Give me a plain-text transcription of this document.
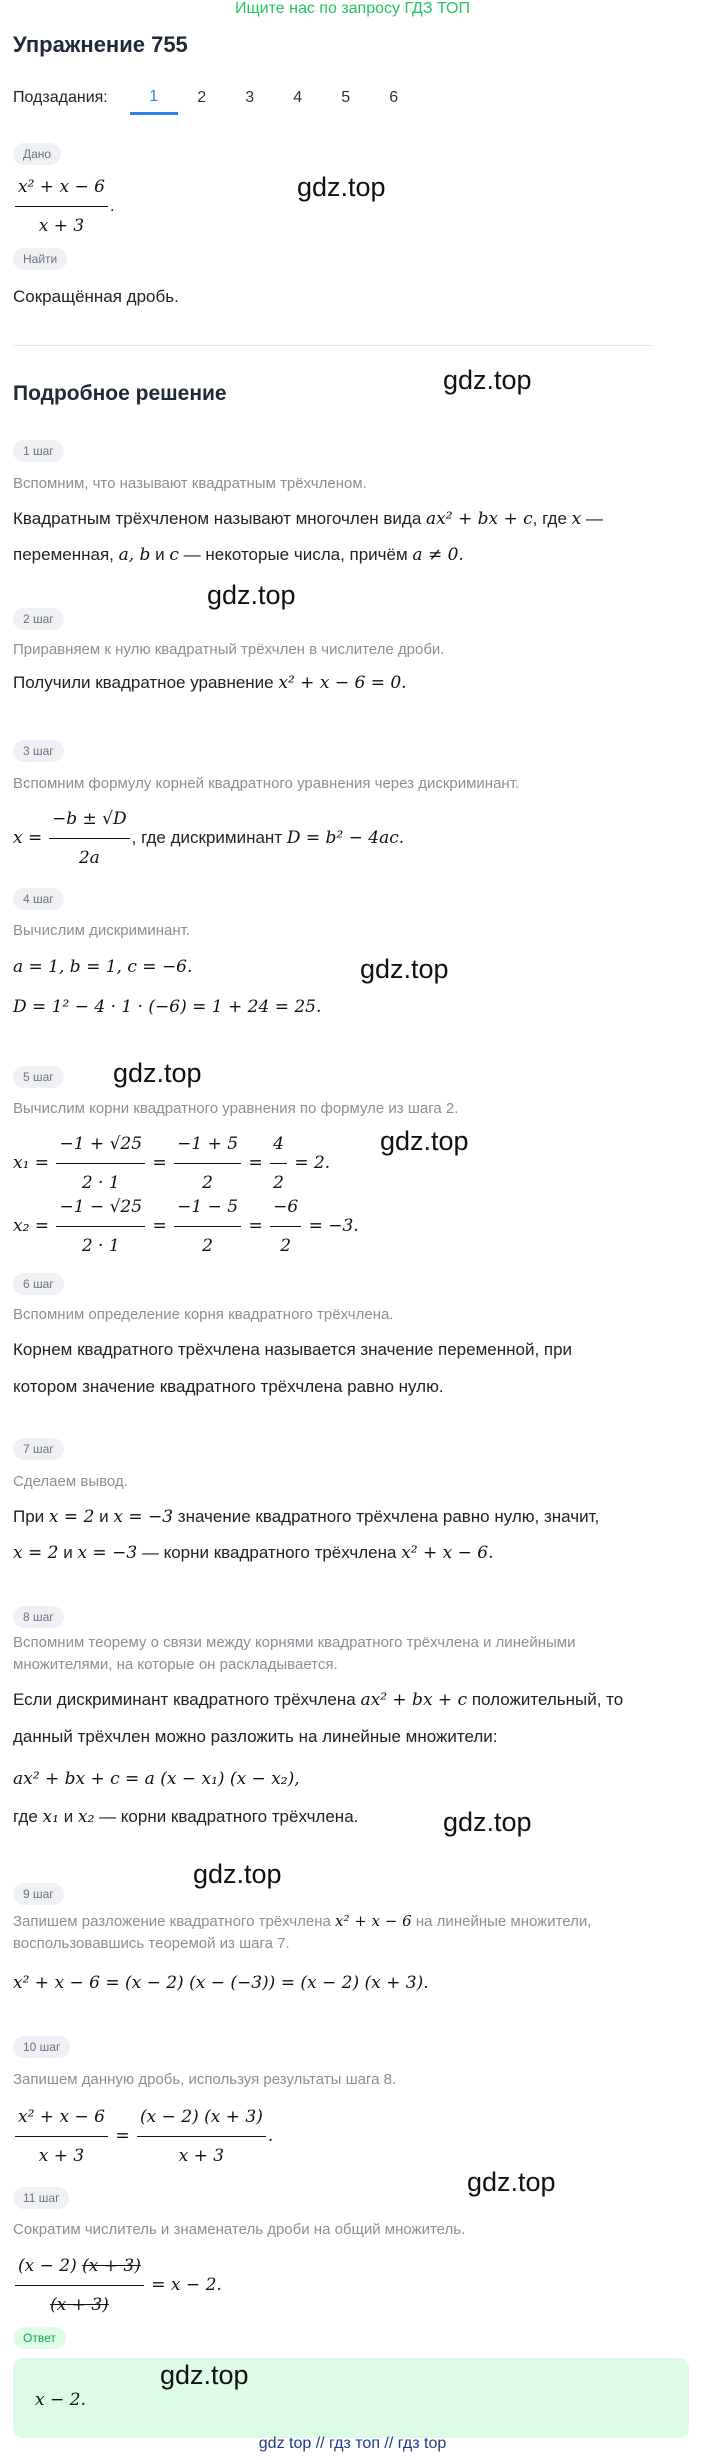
Ищите нас по запросу ГДЗ ТОП
Упражнение 755
Подзадания:	1	2	3	4	5	6
Дано
$\frac{\text{x² + x − 6}}{x + 3}$ .
Найти
Сокращённая дробь.
Подробное решение
1 шаг
Вспомним, что называют квадратным трёхчленом.
Квадратным трёхчленом называют многочлен вида ax² + bx + c, где x —
переменная, a, b и c — некоторые числа, причём a ≠ 0.
2 шаг
Приравняем к нулю квадратный трёхчлен в числителе дроби.
Получили квадратное уравнение x² + x − 6 = 0.
3 шаг
Вспомним формулу корней квадратного уравнения через дискриминант.
$x = \frac{-b \pm √D}{2a}$ , где дискриминант D = b² − 4ac.
4 шаг
Вычислим дискриминант.
a = 1, b = 1, c = −6.
D = 1² − 4 · 1 · (−6) = 1 + 24 = 25.
5 шаг
Вычислим корни квадратного уравнения по формуле из шага 2.
$x_1 = \frac{-1 + √25}{2 \cdot 1} = \frac{-1 + 5}{2} = \frac{4}{2} = 2$.
$x_2 = \frac{-1 - √25}{2 \cdot 1} = \frac{-1 - 5}{2} = \frac{-6}{2} = -3$.
6 шаг
Вспомним определение корня квадратного трёхчлена.
Корнем квадратного трёхчлена называется значение переменной, при
котором значение квадратного трёхчлена равно нулю.
7 шаг
Сделаем вывод.
При x = 2 и x = −3 значение квадратного трёхчлена равно нулю, значит,
x = 2 и x = −3 — корни квадратного трёхчлена x² + x − 6.
8 шаг
Вспомним теорему о связи между корнями квадратного трёхчлена и линейными
множителями, на которые он раскладывается.
Если дискриминант квадратного трёхчлена ax² + bx + c положительный, то
данный трёхчлен можно разложить на линейные множители:
ax² + bx + c = a (x − x₁) (x − x₂),
где x₁ и x₂ — корни квадратного трёхчлена.
9 шаг
Запишем разложение квадратного трёхчлена x² + x − 6 на линейные множители,
воспользовавшись теоремой из шага 7.
x² + x − 6 = (x − 2) (x − (−3)) = (x − 2) (x + 3).
10 шаг
Запишем данную дробь, используя результаты шага 8.
$\frac{\text{x² + x − 6}}{x + 3} = \frac{(x - 2) (x + 3)}{x + 3}$ .
11 шаг
Сократим числитель и знаменатель дроби на общий множитель.
$\frac{(x - 2) (x + 3)}{(x + 3)} = x - 2$.
Ответ
x − 2.
gdz.top
gdz.top
gdz.top
gdz.top
gdz.top
gdz.top
gdz.top
gdz.top
gdz.top
gdz.top
gdz top // гдз топ // гдз top
